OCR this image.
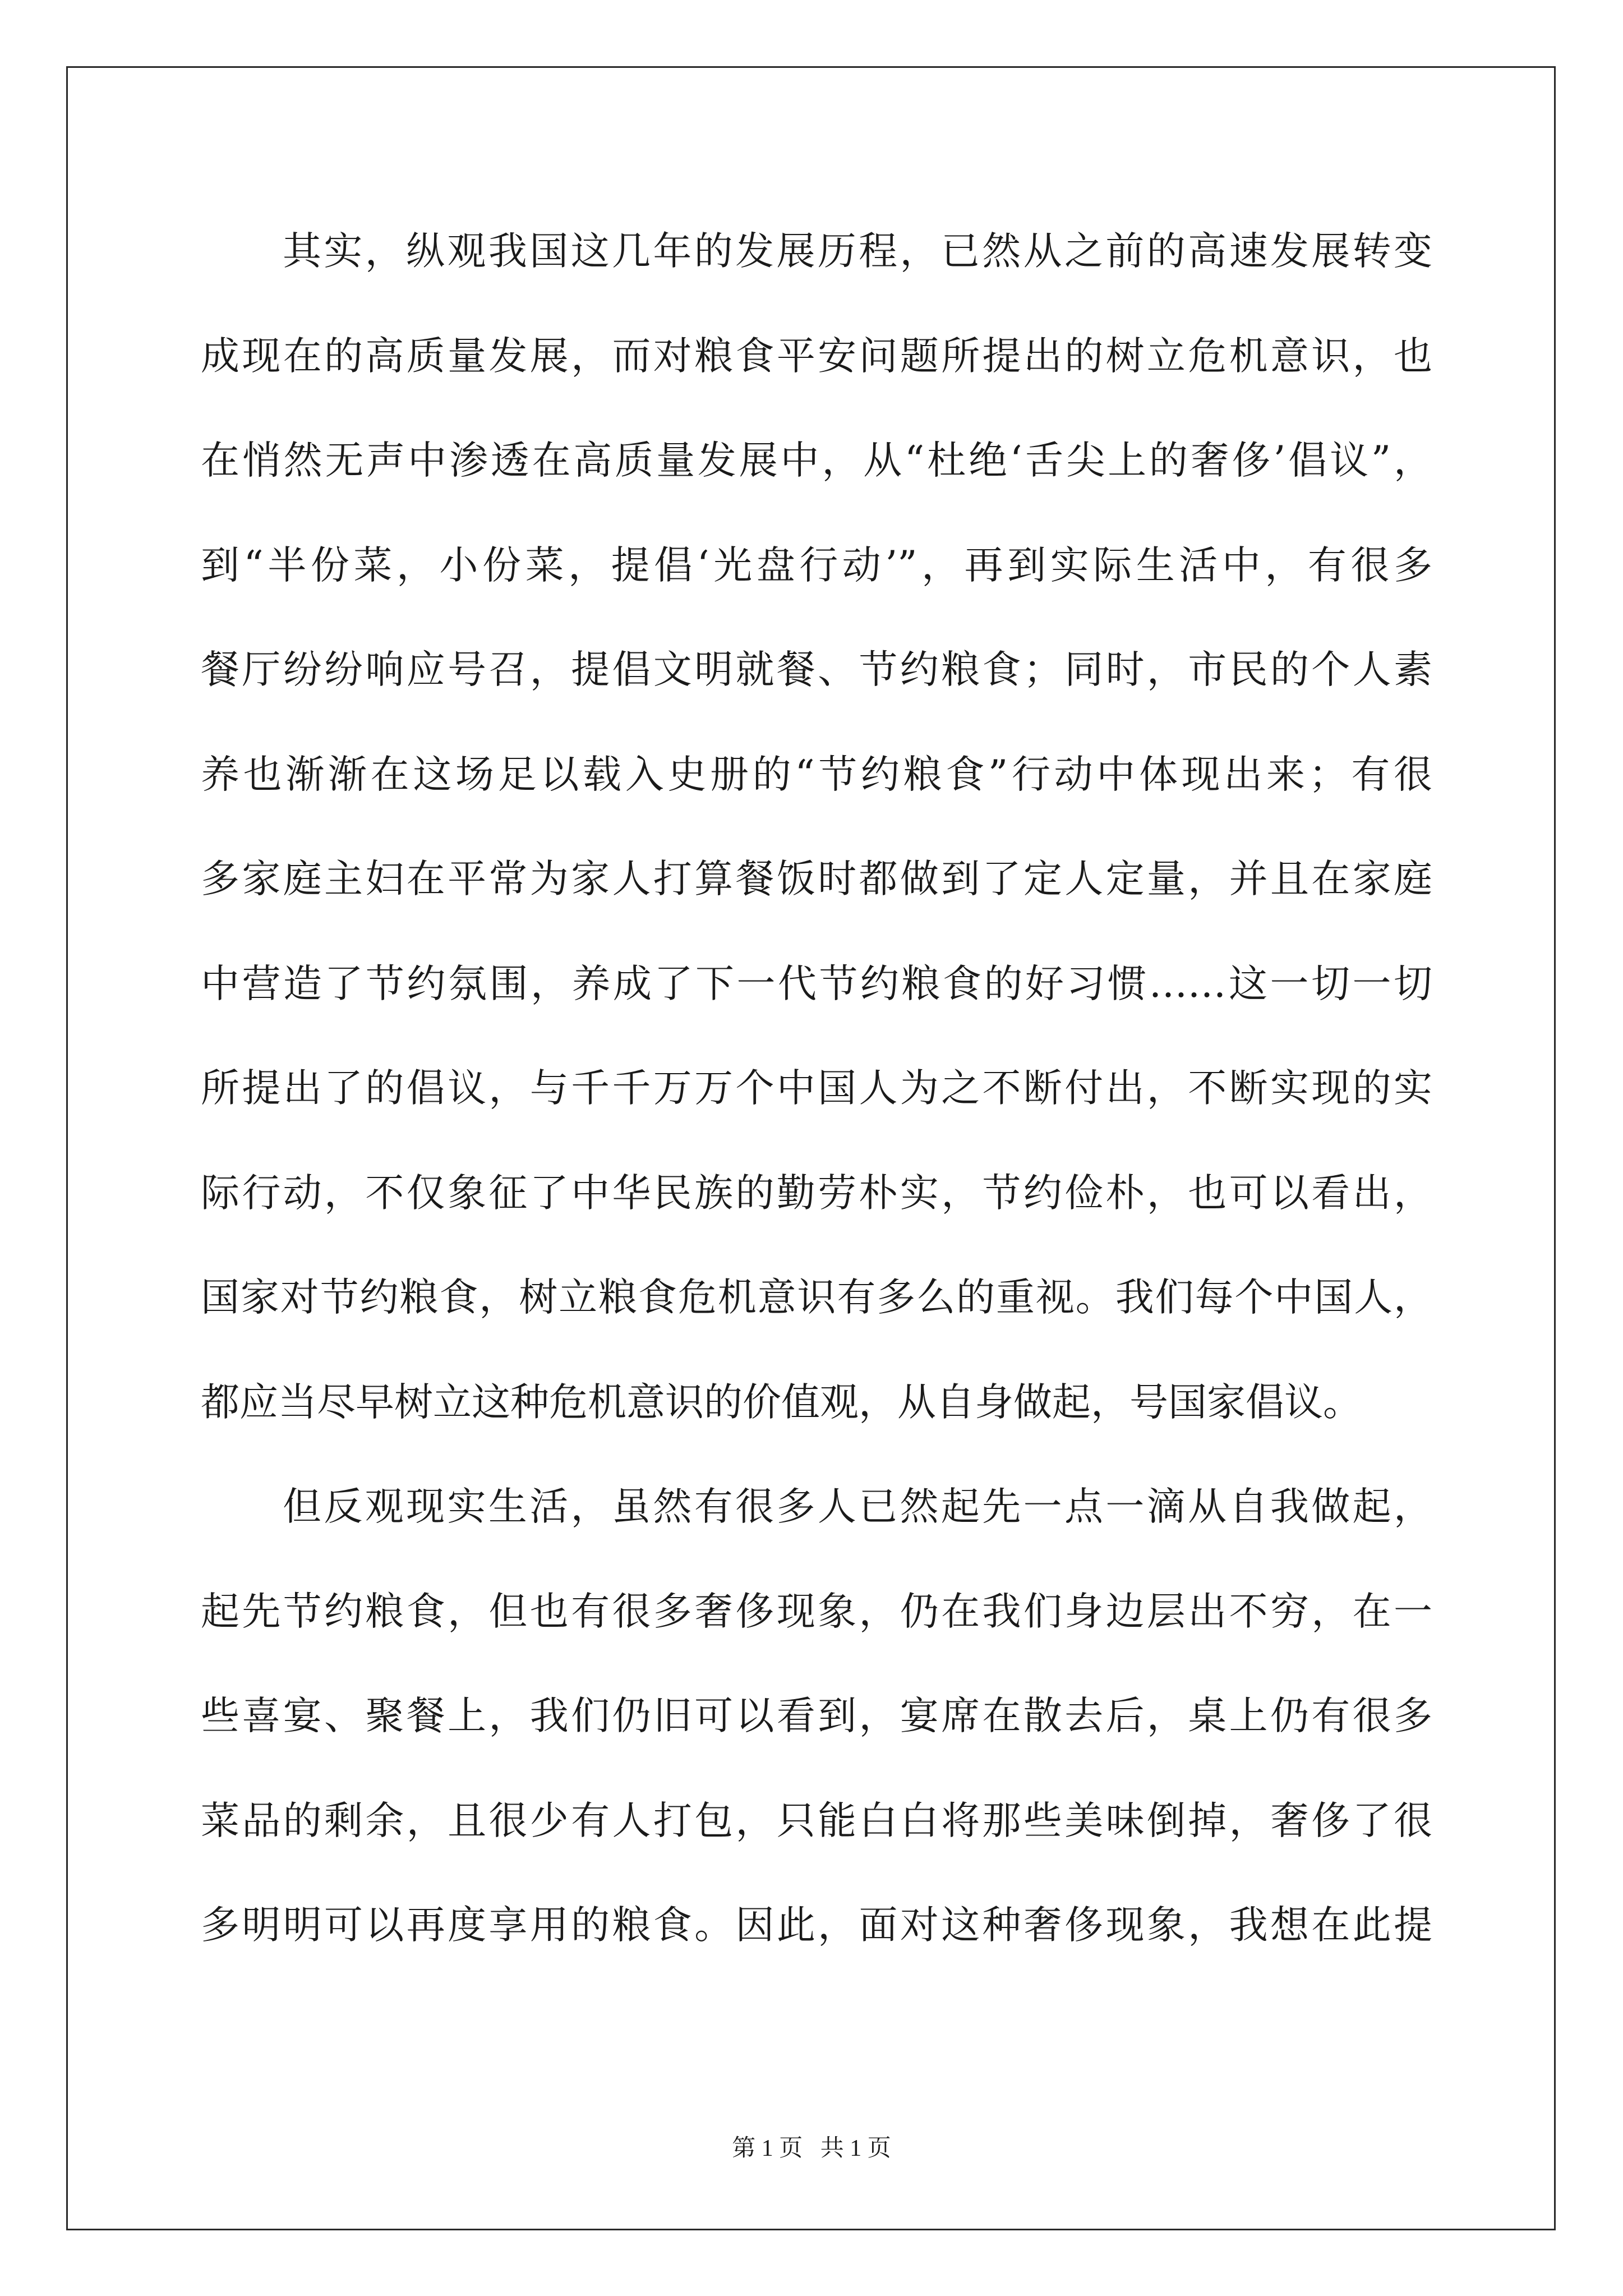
其实，纵观我国这几年的发展历程，已然从之前的高速发展转变
成现在的高质量发展，而对粮食平安问题所提出的树立危机意识，也
在悄然无声中渗透在高质量发展中，从“杜绝‘舌尖上的奢侈’倡议”，
到“半份菜，小份菜，提倡‘光盘行动’”，再到实际生活中，有很多
餐厅纷纷响应号召，提倡文明就餐、节约粮食；同时，市民的个人素
养也渐渐在这场足以载入史册的“节约粮食”行动中体现出来；有很
多家庭主妇在平常为家人打算餐饭时都做到了定人定量，并且在家庭
中营造了节约氛围，养成了下一代节约粮食的好习惯……这一切一切
所提出了的倡议，与千千万万个中国人为之不断付出，不断实现的实
际行动，不仅象征了中华民族的勤劳朴实，节约俭朴，也可以看出，
国家对节约粮食，树立粮食危机意识有多么的重视。我们每个中国人，
都应当尽早树立这种危机意识的价值观，从自身做起，号国家倡议。
但反观现实生活，虽然有很多人已然起先一点一滴从自我做起，
起先节约粮食，但也有很多奢侈现象，仍在我们身边层出不穷，在一
些喜宴、聚餐上，我们仍旧可以看到，宴席在散去后，桌上仍有很多
菜品的剩余，且很少有人打包，只能白白将那些美味倒掉，奢侈了很
多明明可以再度享用的粮食。因此，面对这种奢侈现象，我想在此提
第 1 页   共 1 页
